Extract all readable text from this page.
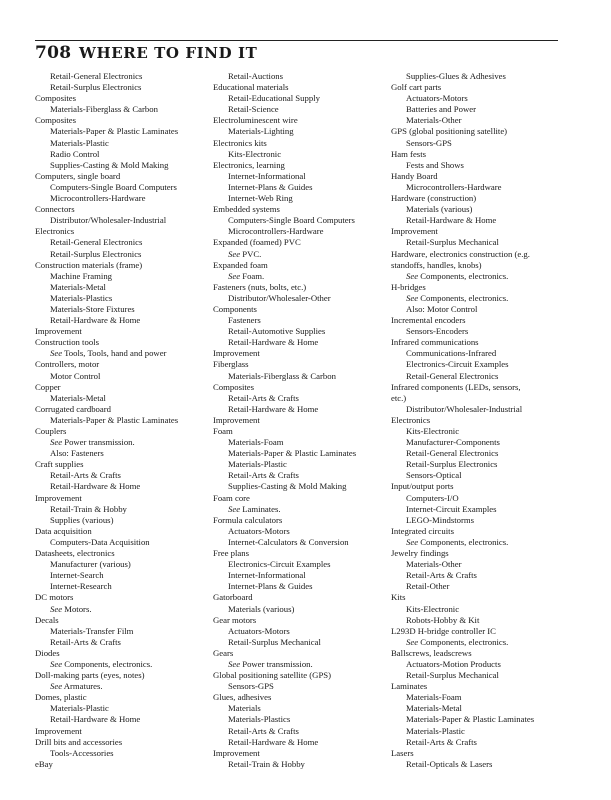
708 WHERE TO FIND IT
Retail-General Electronics
Retail-Surplus Electronics
Composites
Materials-Fiberglass & Carbon
Composites
Materials-Paper & Plastic Laminates
Materials-Plastic
Radio Control
Supplies-Casting & Mold Making
Computers, single board
Computers-Single Board Computers
Microcontrollers-Hardware
Connectors
Distributor/Wholesaler-Industrial
Electronics
Retail-General Electronics
Retail-Surplus Electronics
Construction materials (frame)
Machine Framing
Materials-Metal
Materials-Plastics
Materials-Store Fixtures
Retail-Hardware & Home
Improvement
Construction tools
See Tools, Tools, hand and power
Controllers, motor
Motor Control
Copper
Materials-Metal
Corrugated cardboard
Materials-Paper & Plastic Laminates
Couplers
See Power transmission.
Also: Fasteners
Craft supplies
Retail-Arts & Crafts
Retail-Hardware & Home
Improvement
Retail-Train & Hobby
Supplies (various)
Data acquisition
Computers-Data Acquisition
Datasheets, electronics
Manufacturer (various)
Internet-Search
Internet-Research
DC motors
See Motors.
Decals
Materials-Transfer Film
Retail-Arts & Crafts
Diodes
See Components, electronics.
Doll-making parts (eyes, notes)
See Armatures.
Domes, plastic
Materials-Plastic
Retail-Hardware & Home
Improvement
Drill bits and accessories
Tools-Accessories
eBay
Retail-Auctions
Educational materials
Retail-Educational Supply
Retail-Science
Electroluminescent wire
Materials-Lighting
Electronics kits
Kits-Electronic
Electronics, learning
Internet-Informational
Internet-Plans & Guides
Internet-Web Ring
Embedded systems
Computers-Single Board Computers
Microcontrollers-Hardware
Expanded (foamed) PVC
See PVC.
Expanded foam
See Foam.
Fasteners (nuts, bolts, etc.)
Distributor/Wholesaler-Other
Components
Fasteners
Retail-Automotive Supplies
Retail-Hardware & Home
Improvement
Fiberglass
Materials-Fiberglass & Carbon
Composites
Retail-Arts & Crafts
Retail-Hardware & Home
Improvement
Foam
Materials-Foam
Materials-Paper & Plastic Laminates
Materials-Plastic
Retail-Arts & Crafts
Supplies-Casting & Mold Making
Foam core
See Laminates.
Formula calculators
Actuators-Motors
Internet-Calculators & Conversion
Free plans
Electronics-Circuit Examples
Internet-Informational
Internet-Plans & Guides
Gatorboard
Materials (various)
Gear motors
Actuators-Motors
Retail-Surplus Mechanical
Gears
See Power transmission.
Global positioning satellite (GPS)
Sensors-GPS
Glues, adhesives
Materials
Materials-Plastics
Retail-Arts & Crafts
Retail-Hardware & Home
Improvement
Retail-Train & Hobby
Supplies-Glues & Adhesives
Golf cart parts
Actuators-Motors
Batteries and Power
Materials-Other
GPS (global positioning satellite)
Sensors-GPS
Ham fests
Fests and Shows
Handy Board
Microcontrollers-Hardware
Hardware (construction)
Materials (various)
Retail-Hardware & Home
Improvement
Retail-Surplus Mechanical
Hardware, electronics construction (e.g.
standoffs, handles, knobs)
See Components, electronics.
H-bridges
See Components, electronics.
Also: Motor Control
Incremental encoders
Sensors-Encoders
Infrared communications
Communications-Infrared
Electronics-Circuit Examples
Retail-General Electronics
Infrared components (LEDs, sensors,
etc.)
Distributor/Wholesaler-Industrial
Electronics
Kits-Electronic
Manufacturer-Components
Retail-General Electronics
Retail-Surplus Electronics
Sensors-Optical
Input/output ports
Computers-I/O
Internet-Circuit Examples
LEGO-Mindstorms
Integrated circuits
See Components, electronics.
Jewelry findings
Materials-Other
Retail-Arts & Crafts
Retail-Other
Kits
Kits-Electronic
Robots-Hobby & Kit
L293D H-bridge controller IC
See Components, electronics.
Ballscrews, leadscrews
Actuators-Motion Products
Retail-Surplus Mechanical
Laminates
Materials-Foam
Materials-Metal
Materials-Paper & Plastic Laminates
Materials-Plastic
Retail-Arts & Crafts
Lasers
Retail-Opticals & Lasers
